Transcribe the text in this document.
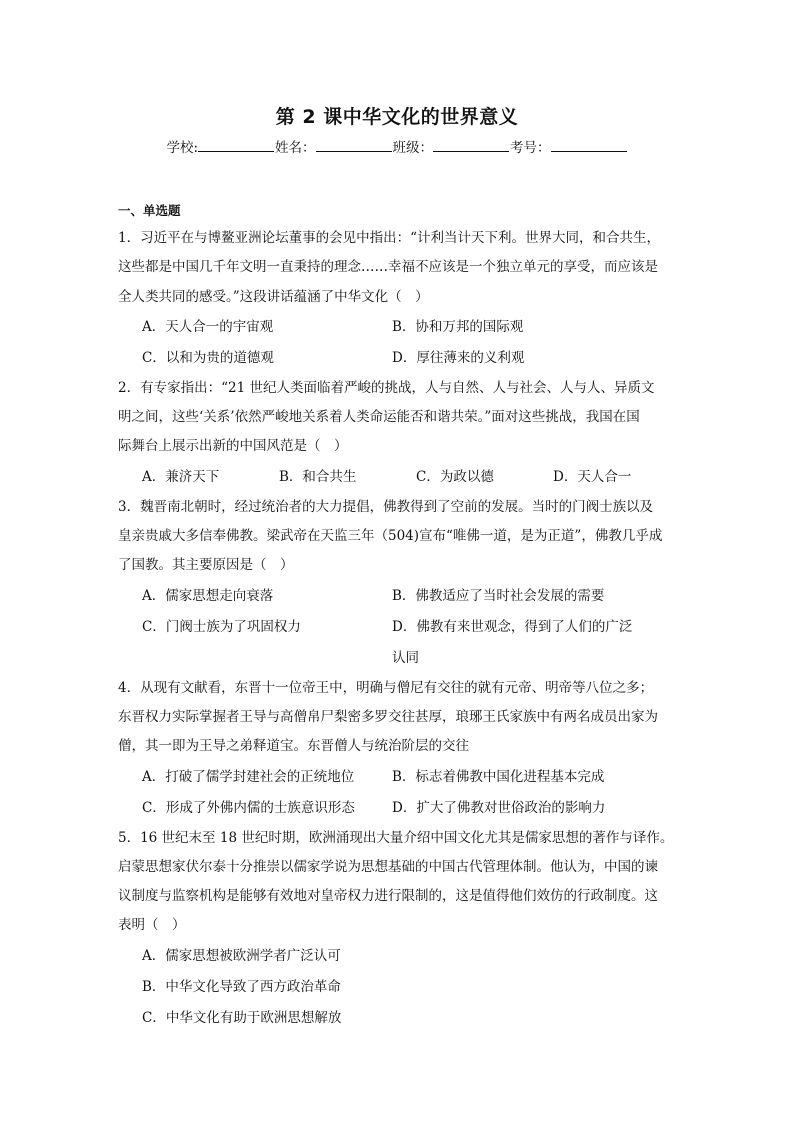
第 2 课中华文化的世界意义
学校:	姓名：	班级：	考号：
一、单选题
1．习近平在与博鳌亚洲论坛董事的会见中指出：“计利当计天下利。世界大同，和合共生，
这些都是中国几千年文明一直秉持的理念……幸福不应该是一个独立单元的享受，而应该是
全人类共同的感受。”这段讲话蕴涵了中华文化（　）
A．天人合一的宇宙观	B．协和万邦的国际观
C．以和为贵的道德观	D．厚往薄来的义利观
2．有专家指出：“21 世纪人类面临着严峻的挑战，人与自然、人与社会、人与人、异质文
明之间，这些‘关系’依然严峻地关系着人类命运能否和谐共荣。”面对这些挑战，我国在国
际舞台上展示出新的中国风范是（　）
A．兼济天下	B．和合共生	C．为政以德	D．天人合一
3．魏晋南北朝时，经过统治者的大力提倡，佛教得到了空前的发展。当时的门阀士族以及
皇亲贵戚大多信奉佛教。梁武帝在天监三年（504)宣布“唯佛一道，是为正道”，佛教几乎成
了国教。其主要原因是（　）
A．儒家思想走向衰落	B．佛教适应了当时社会发展的需要
C．门阀士族为了巩固权力	D．佛教有来世观念，得到了人们的广泛认同
4．从现有文献看，东晋十一位帝王中，明确与僧尼有交往的就有元帝、明帝等八位之多；
东晋权力实际掌握者王导与高僧帛尸梨密多罗交往甚厚，琅琊王氏家族中有两名成员出家为
僧，其一即为王导之弟释道宝。东晋僧人与统治阶层的交往
A．打破了儒学封建社会的正统地位	B．标志着佛教中国化进程基本完成
C．形成了外佛内儒的士族意识形态	D．扩大了佛教对世俗政治的影响力
5．16 世纪末至 18 世纪时期，欧洲涌现出大量介绍中国文化尤其是儒家思想的著作与译作。
启蒙思想家伏尔泰十分推崇以儒家学说为思想基础的中国古代管理体制。他认为，中国的谏
议制度与监察机构是能够有效地对皇帝权力进行限制的，这是值得他们效仿的行政制度。这
表明（　）
A．儒家思想被欧洲学者广泛认可
B．中华文化导致了西方政治革命
C．中华文化有助于欧洲思想解放
